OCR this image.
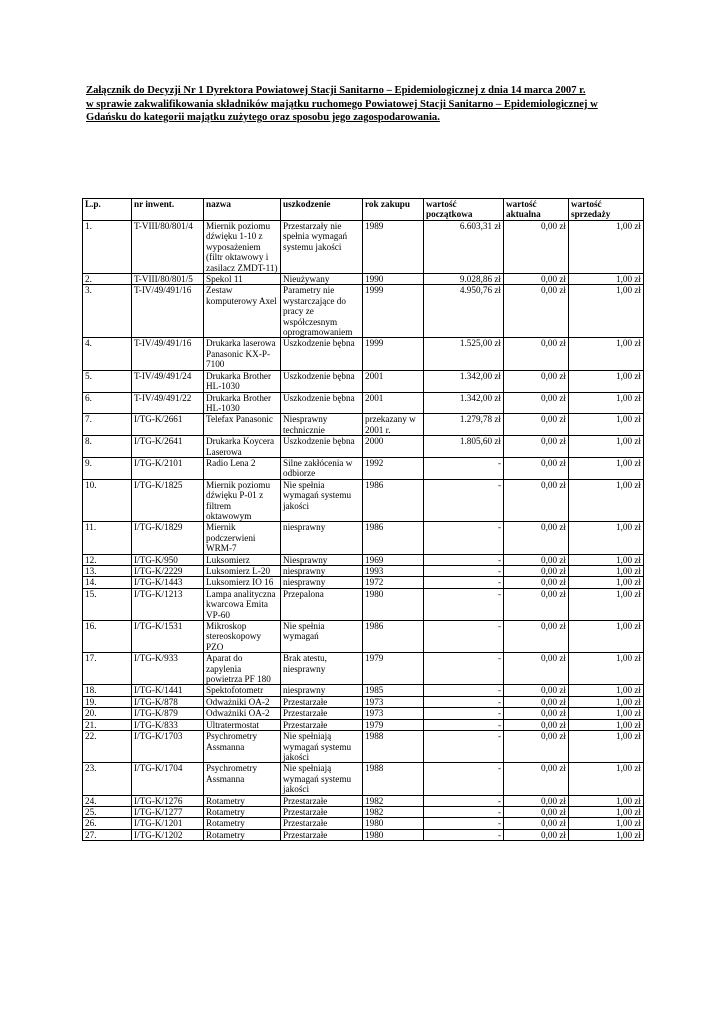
Załącznik do Decyzji Nr 1 Dyrektora Powiatowej Stacji Sanitarno – Epidemiologicznej z dnia 14 marca 2007 r.
w sprawie zakwalifikowania składników majątku ruchomego Powiatowej Stacji Sanitarno – Epidemiologicznej w
Gdańsku do kategorii majątku zużytego oraz sposobu jego zagospodarowania.
L.p.	nr inwent.	nazwa	uszkodzenie	rok zakupu	wartość początkowa	wartość aktualna	wartość sprzedaży
1.	T-VIII/80/801/4	Miernik poziomu dźwięku 1-10 z wyposażeniem (filtr oktawowy i zasilacz ZMDT-11)	Przestarzały nie spełnia wymagań systemu jakości	1989	6.603,31 zł	0,00 zł	1,00 zł
2.	T-VIII/80/801/5	Spekol 11	Nieużywany	1990	9.028,86 zł	0,00 zł	1,00 zł
3.	T-IV/49/491/16	Zestaw komputerowy Axel	Parametry nie wystarczające do pracy ze współczesnym oprogramowaniem	1999	4.950,76 zł	0,00 zł	1,00 zł
4.	T-IV/49/491/16	Drukarka laserowa Panasonic KX-P-7100	Uszkodzenie bębna	1999	1.525,00 zł	0,00 zł	1,00 zł
5.	T-IV/49/491/24	Drukarka Brother HL-1030	Uszkodzenie bębna	2001	1.342,00 zł	0,00 zł	1,00 zł
6.	T-IV/49/491/22	Drukarka Brother HL-1030	Uszkodzenie bębna	2001	1.342,00 zł	0,00 zł	1,00 zł
7.	I/TG-K/2661	Telefax Panasonic	Niesprawny technicznie	przekazany w 2001 r.	1.279,78 zł	0,00 zł	1,00 zł
8.	I/TG-K/2641	Drukarka Koycera Laserowa	Uszkodzenie bębna	2000	1.805,60 zł	0,00 zł	1,00 zł
9.	I/TG-K/2101	Radio Lena 2	Silne zakłócenia w odbiorze	1992	-	0,00 zł	1,00 zł
10.	I/TG-K/1825	Miernik poziomu dźwięku P-01 z filtrem oktawowym	Nie spełnia wymagań systemu jakości	1986	-	0,00 zł	1,00 zł
11.	I/TG-K/1829	Miernik podczerwieni WRM-7	niesprawny	1986	-	0,00 zł	1,00 zł
12.	I/TG-K/950	Luksomierz	Niesprawny	1969	-	0,00 zł	1,00 zł
13.	I/TG-K/2229	Luksomierz L-20	niesprawny	1993	-	0,00 zł	1,00 zł
14.	I/TG-K/1443	Luksomierz IO 16	niesprawny	1972	-	0,00 zł	1,00 zł
15.	I/TG-K/1213	Lampa analityczna kwarcowa Emita VP-60	Przepalona	1980	-	0,00 zł	1,00 zł
16.	I/TG-K/1531	Mikroskop stereoskopowy PZO	Nie spełnia wymagań	1986	-	0,00 zł	1,00 zł
17.	I/TG-K/933	Aparat do zapylenia powietrza PF 180	Brak atestu, niesprawny	1979	-	0,00 zł	1,00 zł
18.	I/TG-K/1441	Spektofotometr	niesprawny	1985	-	0,00 zł	1,00 zł
19.	I/TG-K/878	Odważniki OA-2	Przestarzałe	1973	-	0,00 zł	1,00 zł
20.	I/TG-K/879	Odważniki OA-2	Przestarzałe	1973	-	0,00 zł	1,00 zł
21.	I/TG-K/833	Ultratermostat	Przestarzałe	1979	-	0,00 zł	1,00 zł
22.	I/TG-K/1703	Psychrometry Assmanna	Nie spełniają wymagań systemu jakości	1988	-	0,00 zł	1,00 zł
23.	I/TG-K/1704	Psychrometry Assmanna	Nie spełniają wymagań systemu jakości	1988	-	0,00 zł	1,00 zł
24.	I/TG-K/1276	Rotametry	Przestarzałe	1982	-	0,00 zł	1,00 zł
25.	I/TG-K/1277	Rotametry	Przestarzałe	1982	-	0,00 zł	1,00 zł
26.	I/TG-K/1201	Rotametry	Przestarzałe	1980	-	0,00 zł	1,00 zł
27.	I/TG-K/1202	Rotametry	Przestarzałe	1980	-	0,00 zł	1,00 zł
